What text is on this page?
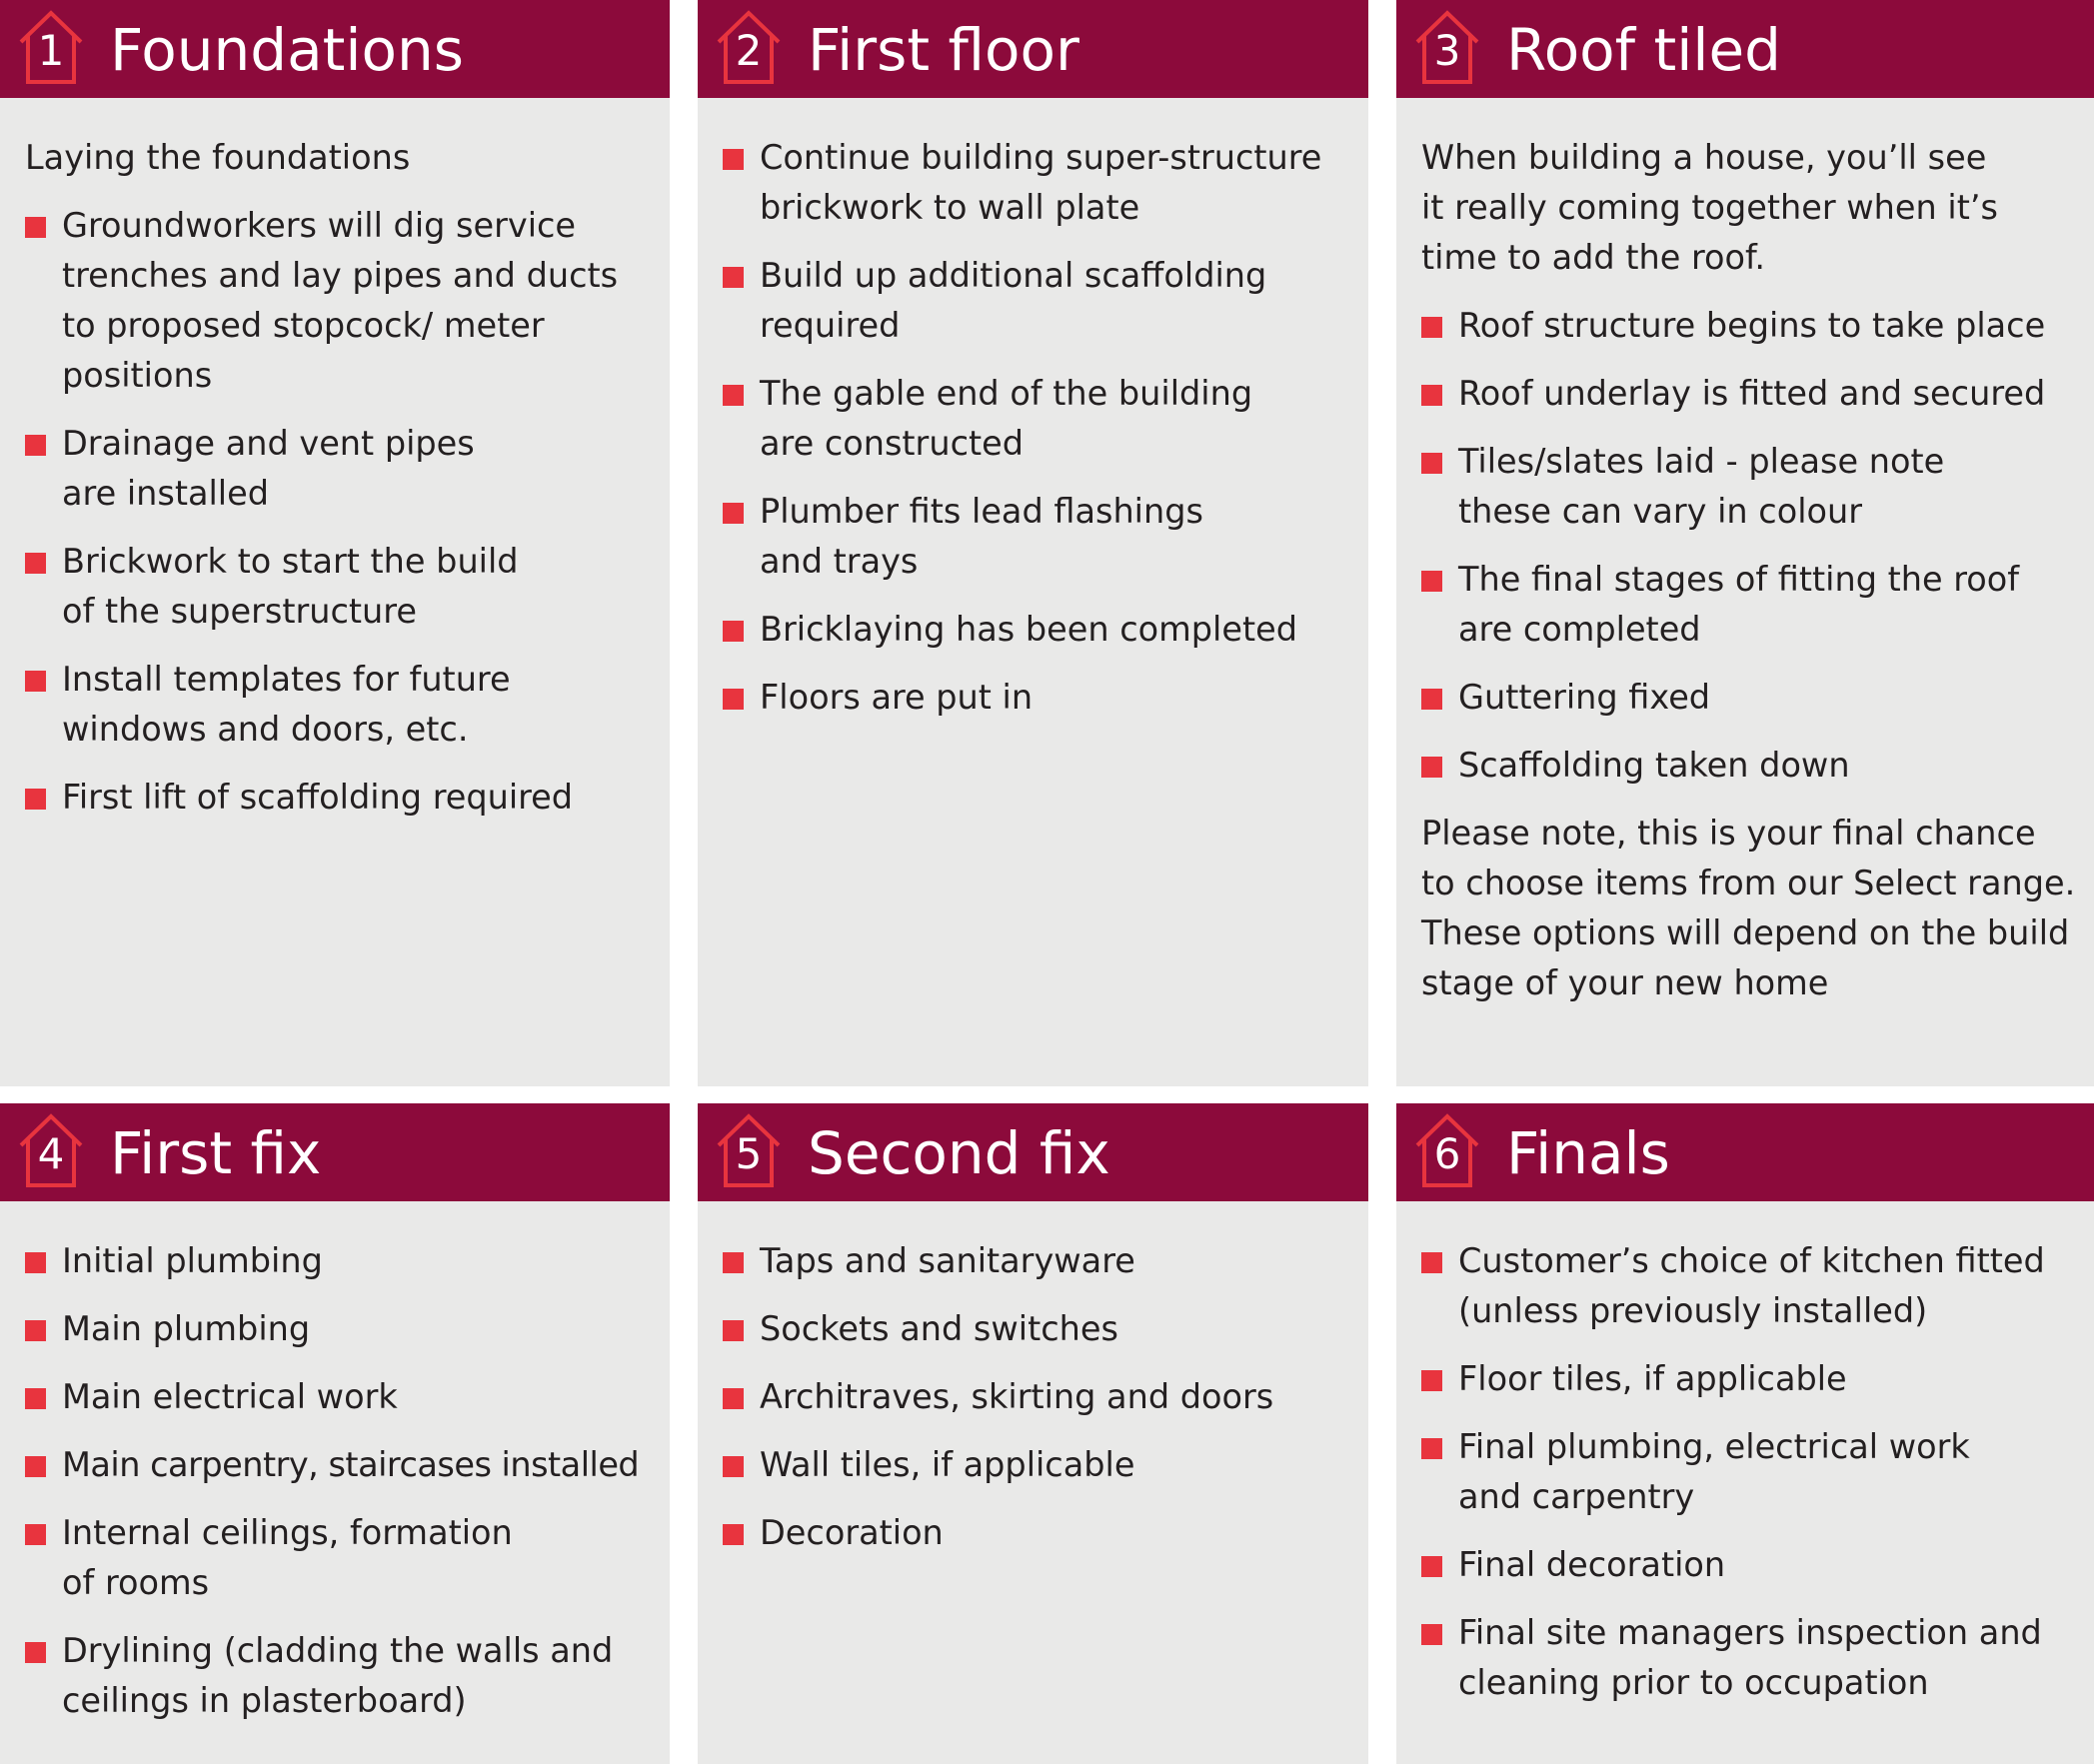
1 Foundations

Laying the foundations

Groundworkers will dig service trenches and lay pipes and ducts to proposed stopcock/ meter positions
Drainage and vent pipes are installed
Brickwork to start the build of the superstructure
Install templates for future windows and doors, etc.
First lift of scaffolding required
2 First floor
Continue building super-structure brickwork to wall plate
Build up additional scaffolding required
The gable end of the building are constructed
Plumber fits lead flashings and trays
Bricklaying has been completed
Floors are put in
3 Roof tiled

When building a house, you’ll see it really coming together when it’s time to add the roof.

Roof structure begins to take place
Roof underlay is fitted and secured
Tiles/slates laid - please note these can vary in colour
The final stages of fitting the roof are completed
Guttering fixed
Scaffolding taken down

Please note, this is your final chance to choose items from our Select range. These options will depend on the build stage of your new home

4 First fix
Initial plumbing
Main plumbing
Main electrical work
Main carpentry, staircases installed
Internal ceilings, formation of rooms
Drylining (cladding the walls and ceilings in plasterboard)
5 Second fix
Taps and sanitaryware
Sockets and switches
Architraves, skirting and doors
Wall tiles, if applicable
Decoration
6 Finals
Customer’s choice of kitchen fitted (unless previously installed)
Floor tiles, if applicable
Final plumbing, electrical work and carpentry
Final decoration
Final site managers inspection and cleaning prior to occupation
